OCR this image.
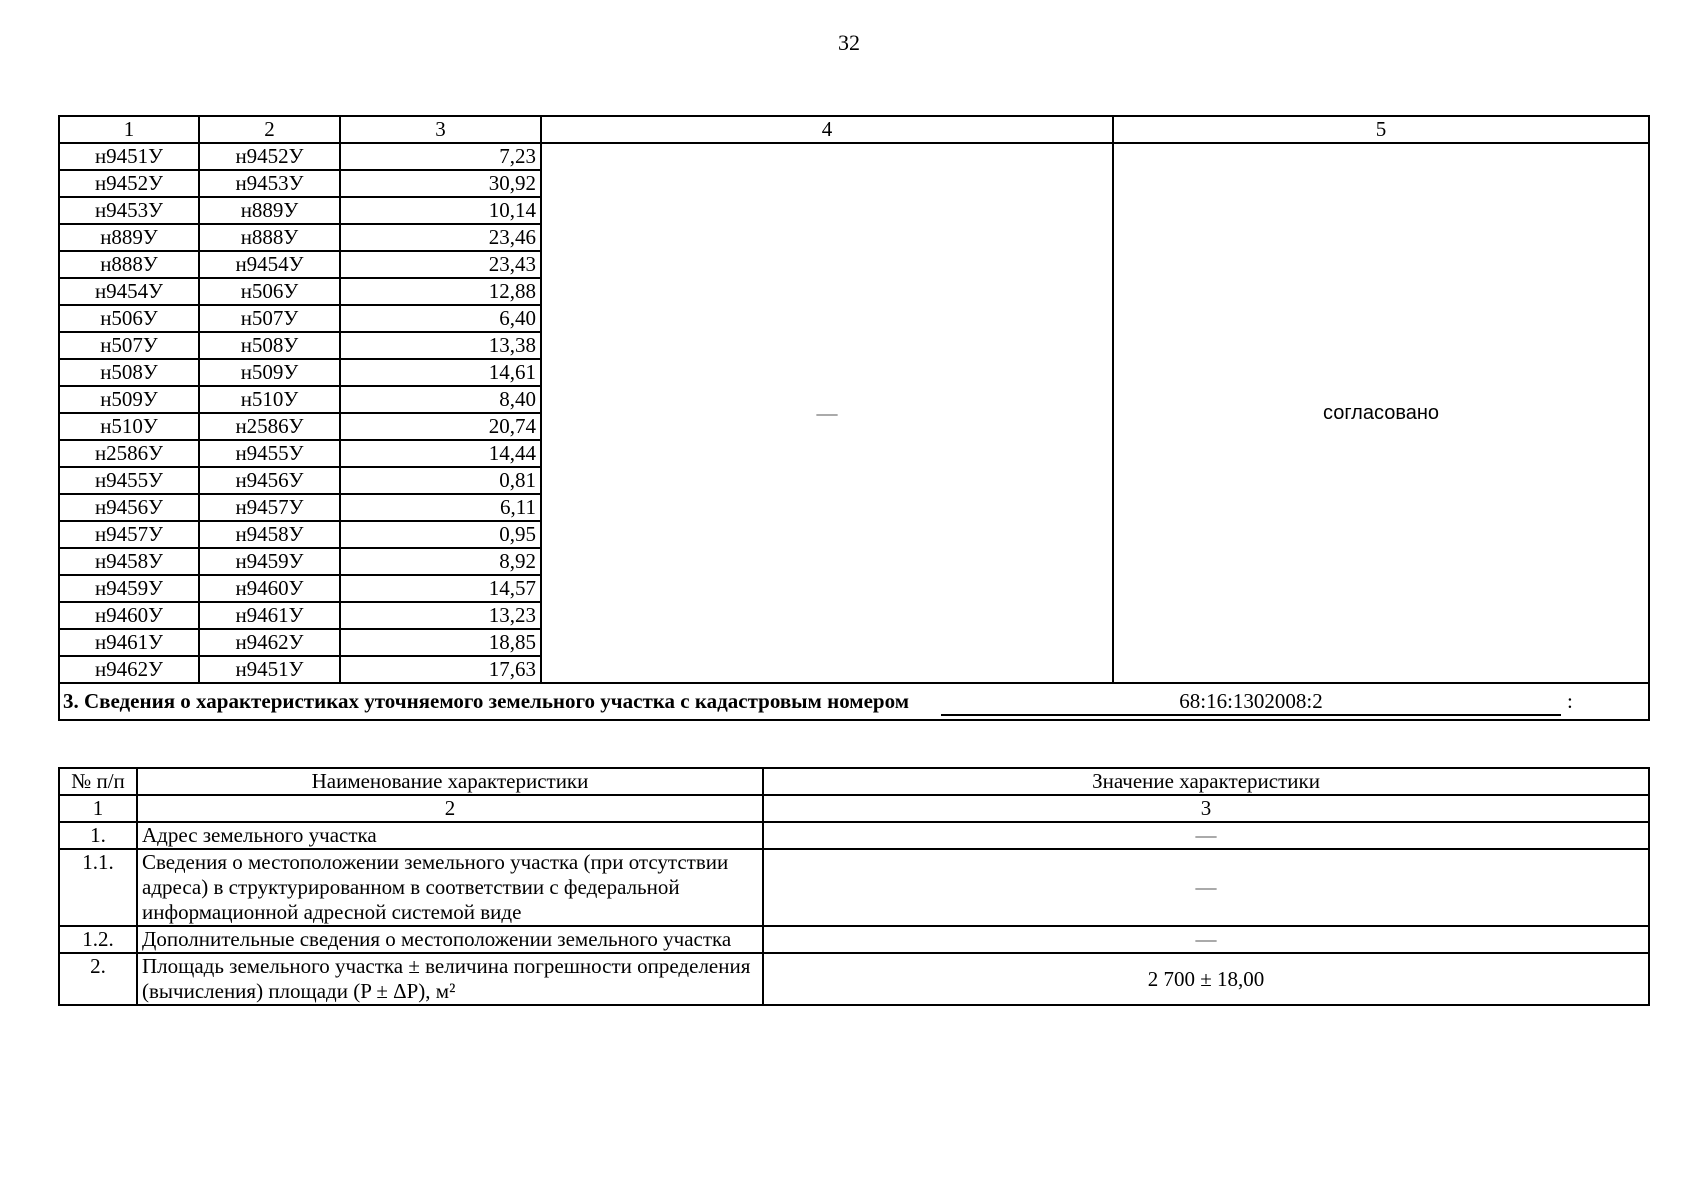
32
1	2	3	4	5
н9451У	н9452У	7,23	—	согласовано
н9452У	н9453У	30,92		
н9453У	н889У	10,14		
н889У	н888У	23,46		
н888У	н9454У	23,43		
н9454У	н506У	12,88		
н506У	н507У	6,40		
н507У	н508У	13,38		
н508У	н509У	14,61		
н509У	н510У	8,40		
н510У	н2586У	20,74		
н2586У	н9455У	14,44		
н9455У	н9456У	0,81		
н9456У	н9457У	6,11		
н9457У	н9458У	0,95		
н9458У	н9459У	8,92		
н9459У	н9460У	14,57		
н9460У	н9461У	13,23		
н9461У	н9462У	18,85		
н9462У	н9451У	17,63		

3. Сведения о характеристиках уточняемого земельного участка с кадастровым номером 68:16:1302008:2 :				
№ п/п	Наименование характеристики	Значение характеристики
1	2	3
1.	Адрес земельного участка	—
1.1.	Сведения о местоположении земельного участка (при отсутствии адреса) в структурированном в соответствии с федеральной информационной адресной системой виде	—
1.2.	Дополнительные сведения о местоположении земельного участка	—
2.	Площадь земельного участка ± величина погрешности определения (вычисления) площади (P ± ΔP), м²	2 700 ± 18,00
